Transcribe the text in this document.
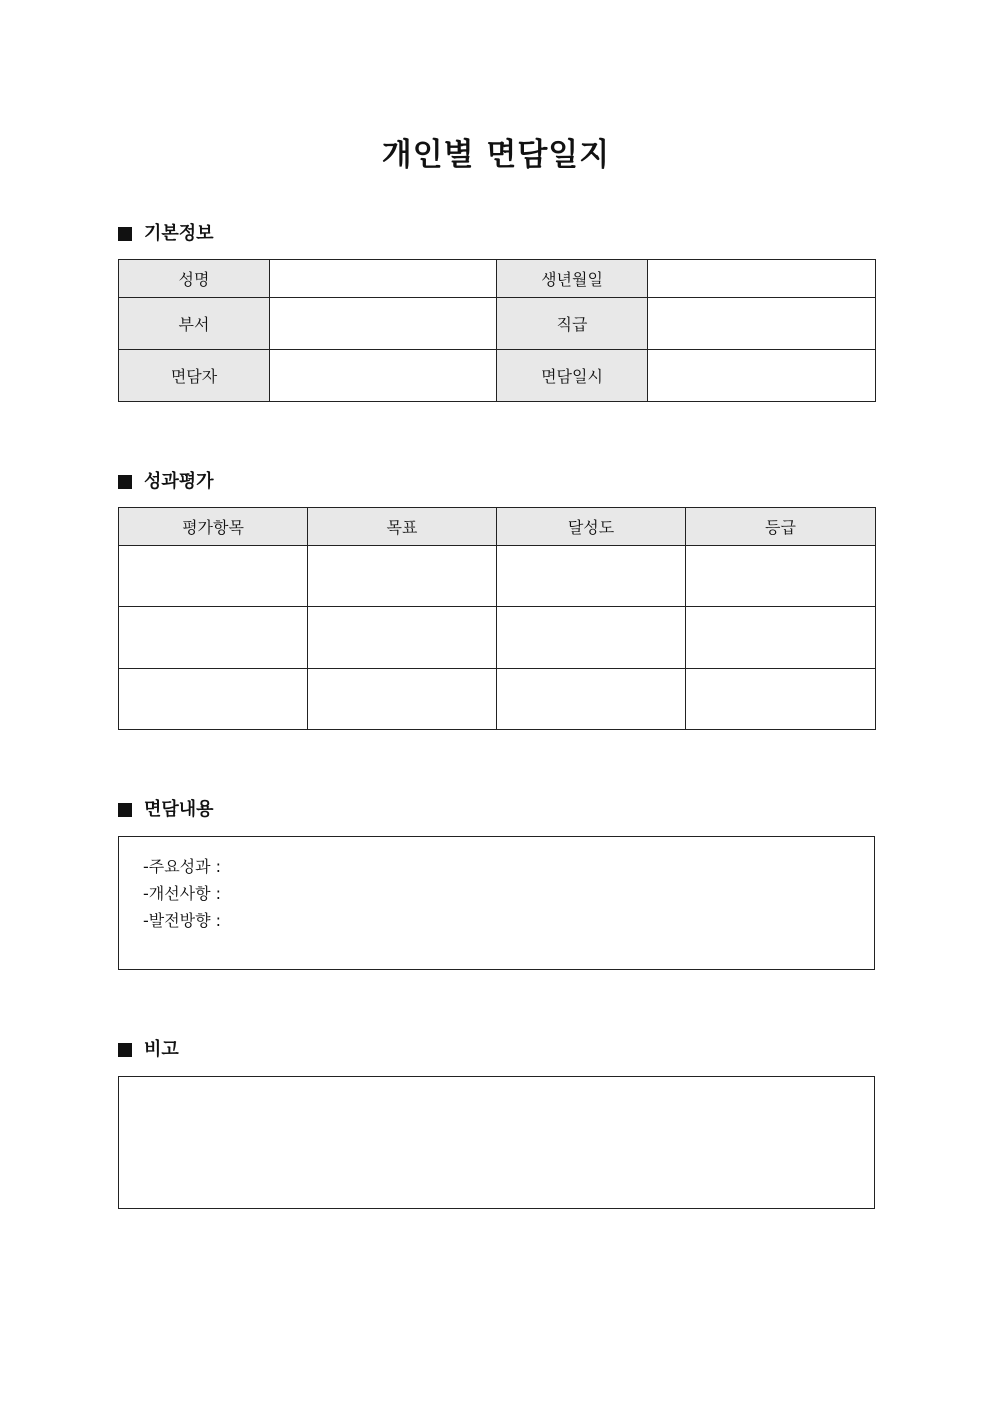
개인별 면담일지
기본정보
성명		생년월일	
부서		직급	
면담자		면담일시	
성과평가
평가항목	목표	달성도	등급

면담내용
-주요성과 :
-개선사항 :
-발전방향 :
비고
